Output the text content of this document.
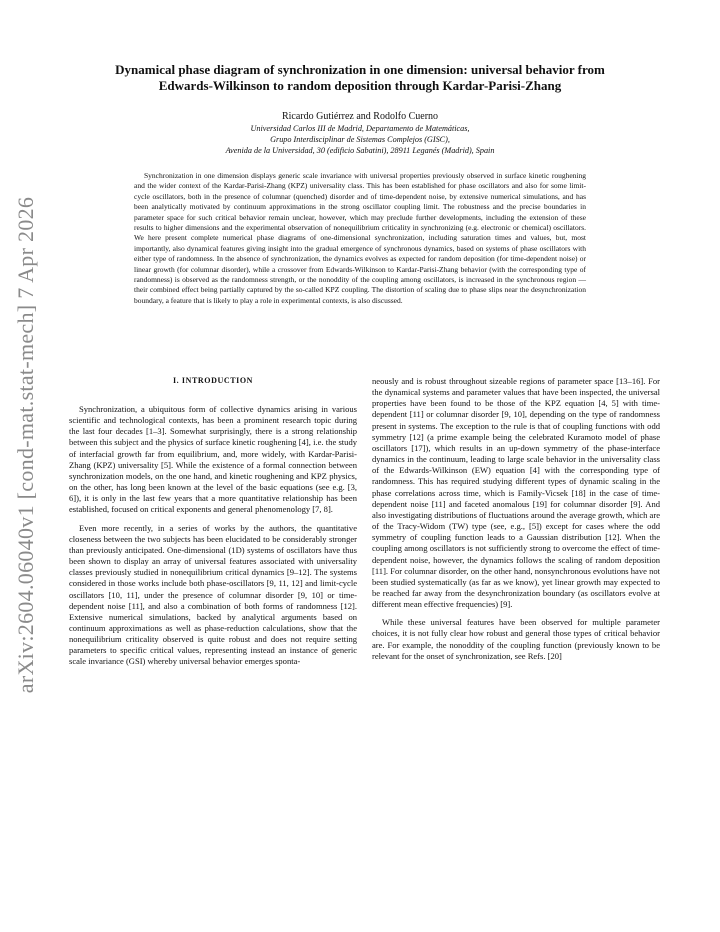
arXiv:2604.06040v1 [cond-mat.stat-mech] 7 Apr 2026
Dynamical phase diagram of synchronization in one dimension: universal behavior from
Edwards-Wilkinson to random deposition through Kardar-Parisi-Zhang
Ricardo Gutiérrez and Rodolfo Cuerno
Universidad Carlos III de Madrid, Departamento de Matemáticas,
Grupo Interdisciplinar de Sistemas Complejos (GISC),
Avenida de la Universidad, 30 (edificio Sabatini), 28911 Leganés (Madrid), Spain

Synchronization in one dimension displays generic scale invariance with universal properties previously observed in surface kinetic roughening and the wider context of the Kardar-Parisi-Zhang (KPZ) universality class. This has been established for phase oscillators and also for some limit-cycle oscillators, both in the presence of columnar (quenched) disorder and of time-dependent noise, by extensive numerical simulations, and has been analytically motivated by continuum approximations in the strong oscillator coupling limit. The robustness and the precise boundaries in parameter space for such critical behavior remain unclear, however, which may preclude further developments, including the extension of these results to higher dimensions and the experimental observation of nonequilibrium criticality in synchronizing (e.g. electronic or chemical) oscillators. We here present complete numerical phase diagrams of one-dimensional synchronization, including saturation times and values, but, most importantly, also dynamical features giving insight into the gradual emergence of synchronous dynamics, based on systems of phase oscillators with either type of randomness. In the absence of synchronization, the dynamics evolves as expected for random deposition (for time-dependent noise) or linear growth (for columnar disorder), while a crossover from Edwards-Wilkinson to Kardar-Parisi-Zhang behavior (with the corresponding type of randomness) is observed as the randomness strength, or the nonoddity of the coupling among oscillators, is increased in the synchronous region —their combined effect being partially captured by the so-called KPZ coupling. The distortion of scaling due to phase slips near the desynchronization boundary, a feature that is likely to play a role in experimental contexts, is also discussed.

I. INTRODUCTION

Synchronization, a ubiquitous form of collective dynamics arising in various scientific and technological contexts, has been a prominent research topic during the last four decades [1–3]. Somewhat surprisingly, there is a strong relationship between this subject and the physics of surface kinetic roughening [4], i.e. the study of interfacial growth far from equilibrium, and, more widely, with Kardar-Parisi-Zhang (KPZ) universality [5]. While the existence of a formal connection between synchronization models, on the one hand, and kinetic roughening and KPZ physics, on the other, has long been known at the level of the basic equations (see e.g. [3, 6]), it is only in the last few years that a more quantitative relationship has been established, focused on critical exponents and general phenomenology [7, 8].

Even more recently, in a series of works by the authors, the quantitative closeness between the two subjects has been elucidated to be considerably stronger than previously anticipated. One-dimensional (1D) systems of oscillators have thus been shown to display an array of universal features associated with universality classes previously studied in nonequilibrium critical dynamics [9–12]. The systems considered in those works include both phase-oscillators [9, 11, 12] and limit-cycle oscillators [10, 11], under the presence of columnar disorder [9, 10] or time-dependent noise [11], and also a combination of both forms of randomness [12]. Extensive numerical simulations, backed by analytical arguments based on continuum approximations as well as phase-reduction calculations, show that the nonequilibrium criticality observed is quite robust and does not require setting parameters to specific critical values, representing instead an instance of generic scale invariance (GSI) whereby universal behavior emerges sponta-

neously and is robust throughout sizeable regions of parameter space [13–16]. For the dynamical systems and parameter values that have been inspected, the universal properties have been found to be those of the KPZ equation [4, 5] with time-dependent [11] or columnar disorder [9, 10], depending on the type of randomness present in systems. The exception to the rule is that of coupling functions with odd symmetry [12] (a prime example being the celebrated Kuramoto model of phase oscillators [17]), which results in an up-down symmetry of the phase-interface dynamics in the continuum, leading to large scale behavior in the universality class of the Edwards-Wilkinson (EW) equation [4] with the corresponding type of randomness. This has required studying different types of dynamic scaling in the phase correlations across time, which is Family-Vicsek [18] in the case of time-dependent noise [11] and faceted anomalous [19] for columnar disorder [9]. And also investigating distributions of fluctuations around the average growth, which are of the Tracy-Widom (TW) type (see, e.g., [5]) except for cases where the odd symmetry of coupling function leads to a Gaussian distribution [12]. When the coupling among oscillators is not sufficiently strong to overcome the effect of time-dependent noise, however, the dynamics follows the scaling of random deposition [11]. For columnar disorder, on the other hand, nonsynchronous evolutions have not been studied systematically (as far as we know), yet linear growth may expected to be reached far away from the desynchronization boundary (as oscillators evolve at different mean effective frequencies) [9].

While these universal features have been observed for multiple parameter choices, it is not fully clear how robust and general those types of critical behavior are. For example, the nonoddity of the coupling function (previously known to be relevant for the onset of synchronization, see Refs. [20]
